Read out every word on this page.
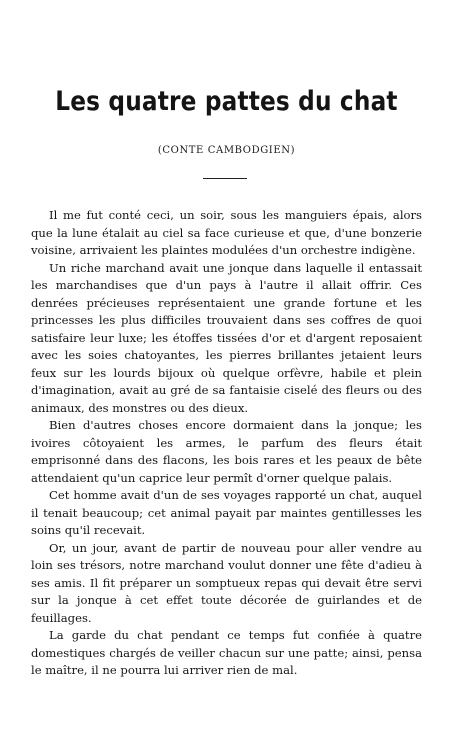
Les quatre pattes du chat
(CONTE CAMBODGIEN)

Il me fut conté ceci, un soir, sous les manguiers épais, alors que la lune étalait au ciel sa face curieuse et que, d'une bonzerie voisine, arrivaient les plaintes modulées d'un orchestre indigène.

Un riche marchand avait une jonque dans laquelle il entassait les marchandises que d'un pays à l'autre il allait offrir. Ces denrées précieuses représentaient une grande fortune et les princesses les plus difficiles trouvaient dans ses coffres de quoi satisfaire leur luxe; les étoffes tissées d'or et d'argent reposaient avec les soies chatoyantes, les pierres brillantes jetaient leurs feux sur les lourds bijoux où quelque orfèvre, habile et plein d'imagination, avait au gré de sa fantaisie ciselé des fleurs ou des animaux, des monstres ou des dieux.

Bien d'autres choses encore dormaient dans la jonque; les ivoires côtoyaient les armes, le parfum des fleurs était emprisonné dans des flacons, les bois rares et les peaux de bête attendaient qu'un caprice leur permît d'orner quelque palais.

Cet homme avait d'un de ses voyages rapporté un chat, auquel il tenait beaucoup; cet animal payait par maintes gentillesses les soins qu'il recevait.

Or, un jour, avant de partir de nouveau pour aller vendre au loin ses trésors, notre marchand voulut donner une fête d'adieu à ses amis. Il fit préparer un somptueux repas qui devait être servi sur la jonque à cet effet toute décorée de guirlandes et de feuillages.

La garde du chat pendant ce temps fut confiée à quatre domestiques chargés de veiller chacun sur une patte; ainsi, pensa le maître, il ne pourra lui arriver rien de mal.
